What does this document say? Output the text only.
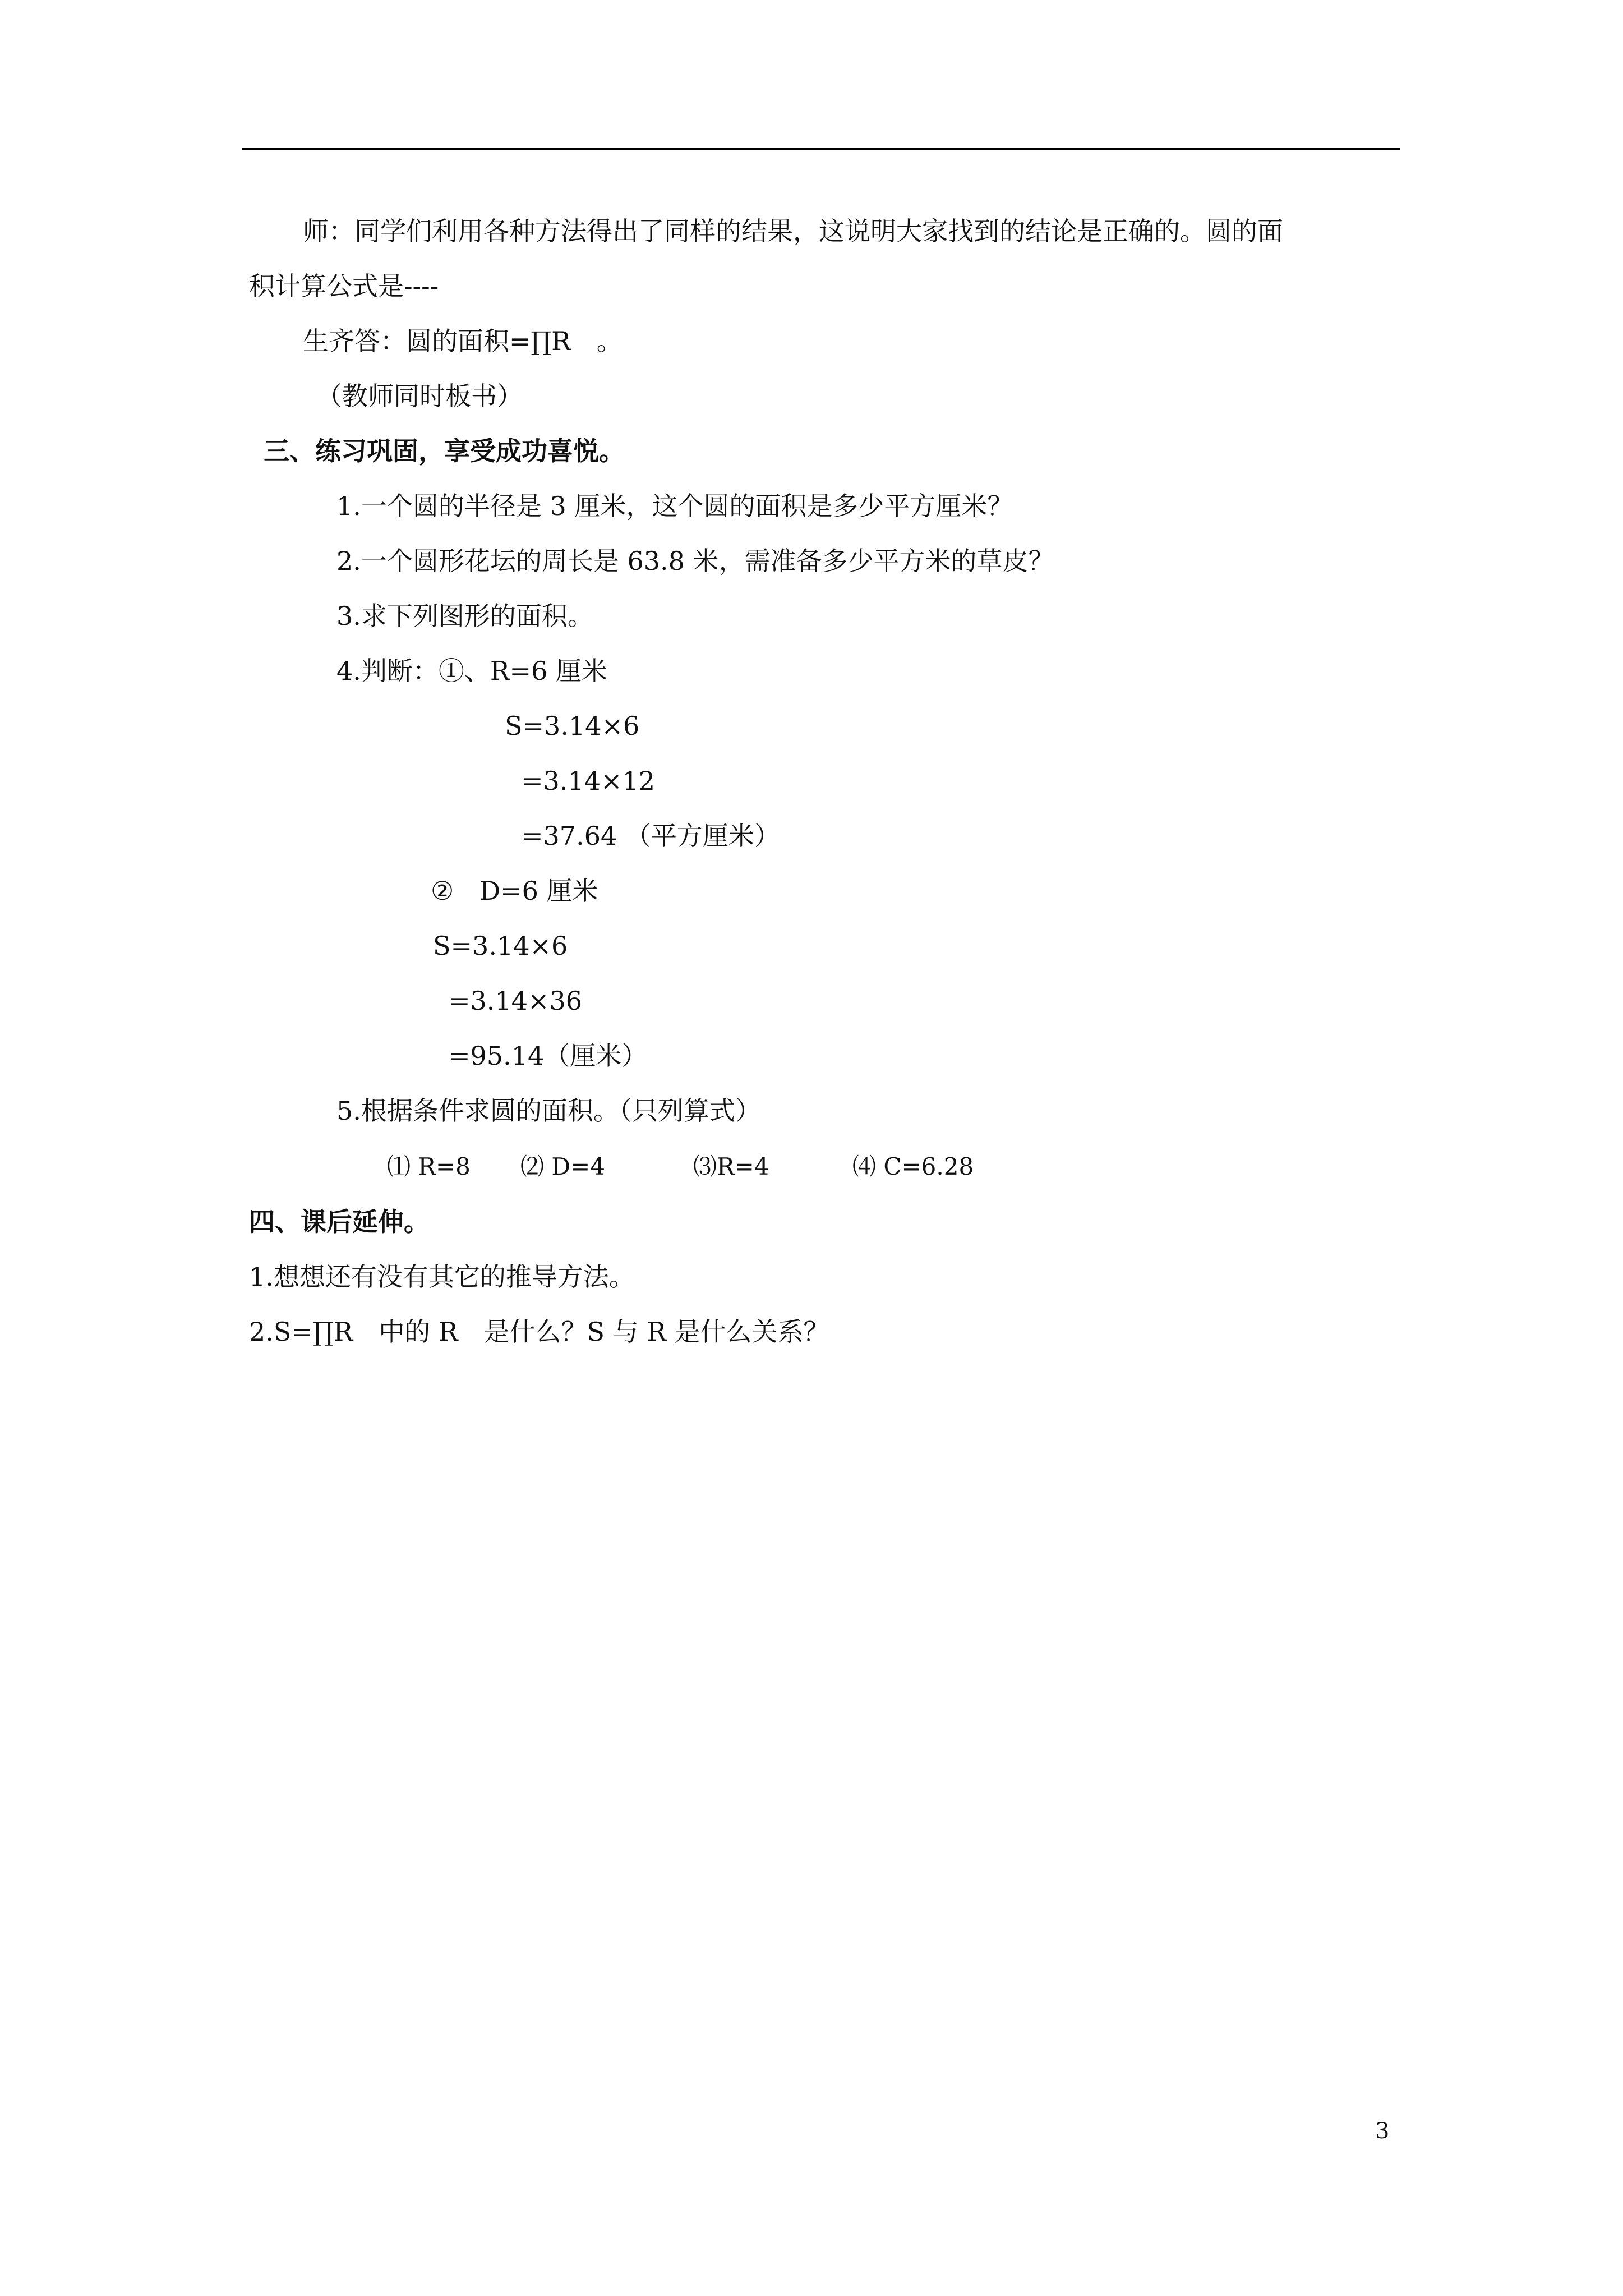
师：同学们利用各种方法得出了同样的结果，这说明大家找到的结论是正确的。圆的面
积计算公式是----
生齐答：圆的面积=∏R　。
（教师同时板书）
三、练习巩固，享受成功喜悦。
1.一个圆的半径是 3 厘米，这个圆的面积是多少平方厘米？
2.一个圆形花坛的周长是 63.8 米，需准备多少平方米的草皮？
3.求下列图形的面积。
4.判断：①、R=6 厘米
S=3.14×6
=3.14×12
=37.64 （平方厘米）
②　D=6 厘米
S=3.14×6
=3.14×36
=95.14（厘米）
5.根据条件求圆的面积。（只列算式）
⑴ R=8 ⑵ D=4	⑶R=4	⑷ C=6.28
四、课后延伸。
1.想想还有没有其它的推导方法。
2.S=∏R　中的 R　是什么？S 与 R 是什么关系？
3
